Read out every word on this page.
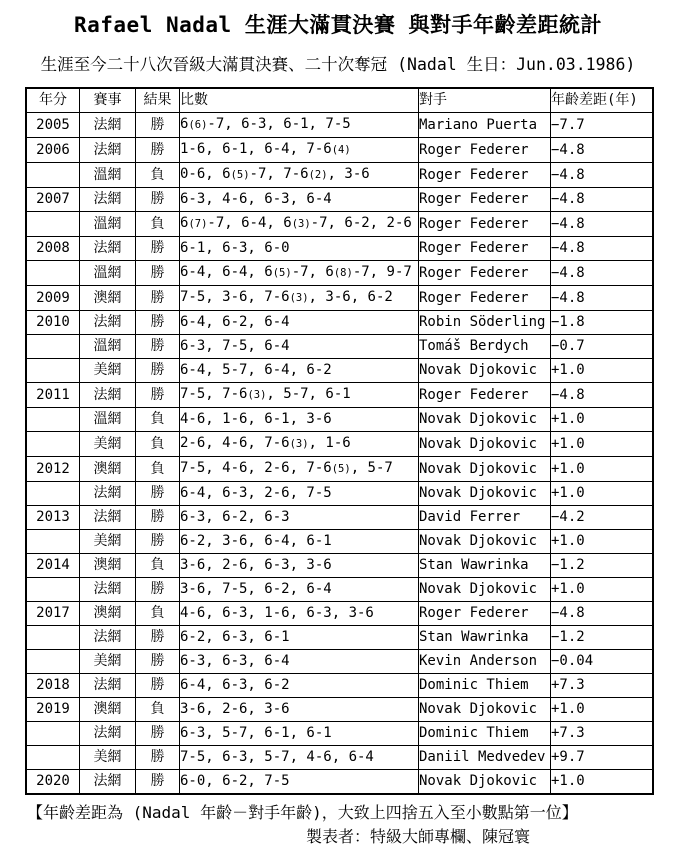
Rafael Nadal 生涯大滿貫決賽 與對手年齡差距統計
生涯至今二十八次晉級大滿貫決賽、二十次奪冠 (Nadal 生日：Jun.03.1986)
年分	賽事	結果	比數	對手	年齡差距(年)
2005	法網	勝	6(6)-7, 6-3, 6-1, 7-5	Mariano Puerta	−7.7
2006	法網	勝	1-6, 6-1, 6-4, 7-6(4)	Roger Federer	−4.8
	溫網	負	0-6, 6(5)-7, 7-6(2), 3-6	Roger Federer	−4.8
2007	法網	勝	6-3, 4-6, 6-3, 6-4	Roger Federer	−4.8
	溫網	負	6(7)-7, 6-4, 6(3)-7, 6-2, 2-6	Roger Federer	−4.8
2008	法網	勝	6-1, 6-3, 6-0	Roger Federer	−4.8
	溫網	勝	6-4, 6-4, 6(5)-7, 6(8)-7, 9-7	Roger Federer	−4.8
2009	澳網	勝	7-5, 3-6, 7-6(3), 3-6, 6-2	Roger Federer	−4.8
2010	法網	勝	6-4, 6-2, 6-4	Robin Söderling	−1.8
	溫網	勝	6-3, 7-5, 6-4	Tomáš Berdych	−0.7
	美網	勝	6-4, 5-7, 6-4, 6-2	Novak Djokovic	+1.0
2011	法網	勝	7-5, 7-6(3), 5-7, 6-1	Roger Federer	−4.8
	溫網	負	4-6, 1-6, 6-1, 3-6	Novak Djokovic	+1.0
	美網	負	2-6, 4-6, 7-6(3), 1-6	Novak Djokovic	+1.0
2012	澳網	負	7-5, 4-6, 2-6, 7-6(5), 5-7	Novak Djokovic	+1.0
	法網	勝	6-4, 6-3, 2-6, 7-5	Novak Djokovic	+1.0
2013	法網	勝	6-3, 6-2, 6-3	David Ferrer	−4.2
	美網	勝	6-2, 3-6, 6-4, 6-1	Novak Djokovic	+1.0
2014	澳網	負	3-6, 2-6, 6-3, 3-6	Stan Wawrinka	−1.2
	法網	勝	3-6, 7-5, 6-2, 6-4	Novak Djokovic	+1.0
2017	澳網	負	4-6, 6-3, 1-6, 6-3, 3-6	Roger Federer	−4.8
	法網	勝	6-2, 6-3, 6-1	Stan Wawrinka	−1.2
	美網	勝	6-3, 6-3, 6-4	Kevin Anderson	−0.04
2018	法網	勝	6-4, 6-3, 6-2	Dominic Thiem	+7.3
2019	澳網	負	3-6, 2-6, 3-6	Novak Djokovic	+1.0
	法網	勝	6-3, 5-7, 6-1, 6-1	Dominic Thiem	+7.3
	美網	勝	7-5, 6-3, 5-7, 4-6, 6-4	Daniil Medvedev	+9.7
2020	法網	勝	6-0, 6-2, 7-5	Novak Djokovic	+1.0
【年齡差距為 (Nadal 年齡－對手年齡)，大致上四捨五入至小數點第一位】
製表者：特級大師專欄、陳冠寰
